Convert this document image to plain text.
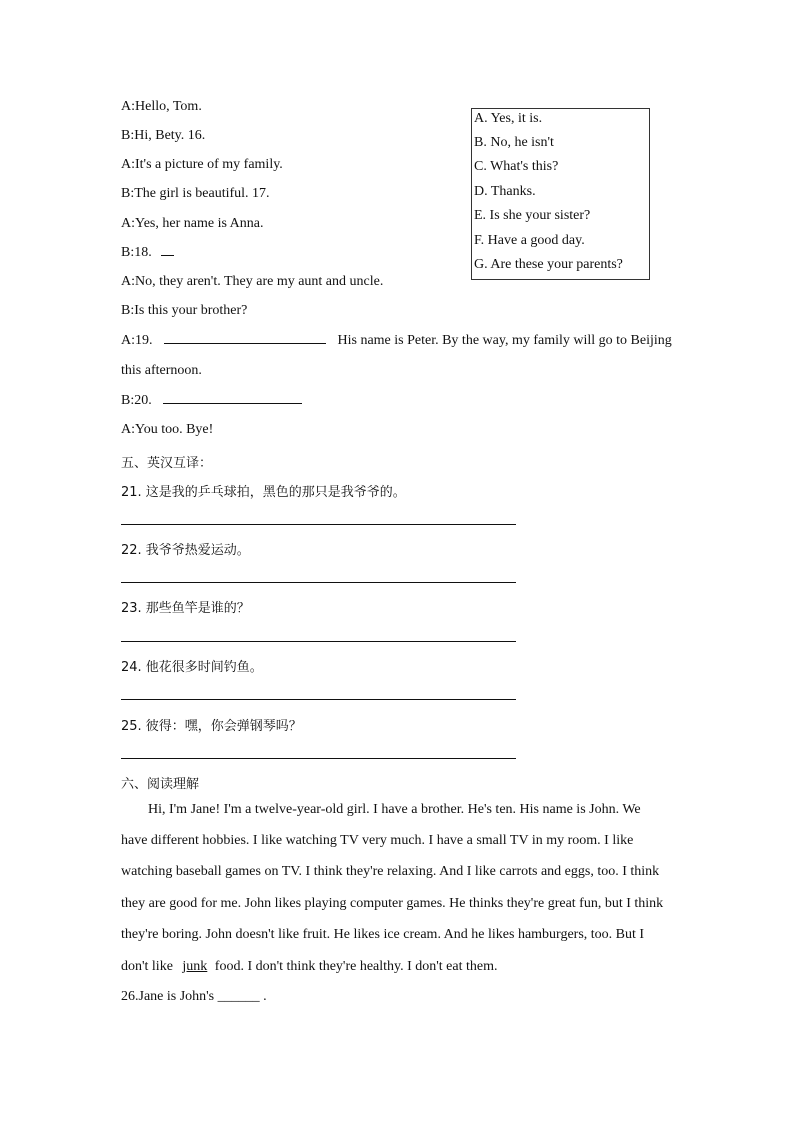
A:Hello, Tom.
B:Hi, Bety. 16.
A:It's a picture of my family.
B:The girl is beautiful. 17.
A:Yes, her name is Anna.
B:18.
A:No, they aren't. They are my aunt and uncle.
B:Is this your brother?
A:19.	His name is Peter. By the way, my family will go to Beijing
this afternoon.
B:20.
A:You too. Bye!
A. Yes, it is.
B. No, he isn't
C. What's this?
D. Thanks.
E. Is she your sister?
F. Have a good day.
G. Are these your parents?
五、英汉互译：
21. 这是我的乒乓球拍，黑色的那只是我爷爷的。
22. 我爷爷热爱运动。
23. 那些鱼竿是谁的？
24. 他花很多时间钓鱼。
25. 彼得：嘿，你会弹钢琴吗？
六、阅读理解
Hi, I'm Jane! I'm a twelve-year-old girl. I have a brother. He's ten. His name is John. We
have different hobbies. I like watching TV very much. I have a small TV in my room. I like
watching baseball games on TV. I think they're relaxing. And I like carrots and eggs, too. I think
they are good for me. John likes playing computer games. He thinks they're great fun, but I think
they're boring. John doesn't like fruit. He likes ice cream. And he likes hamburgers, too. But I
don't like junk food. I don't think they're healthy. I don't eat them.
26.Jane is John's ______ .
